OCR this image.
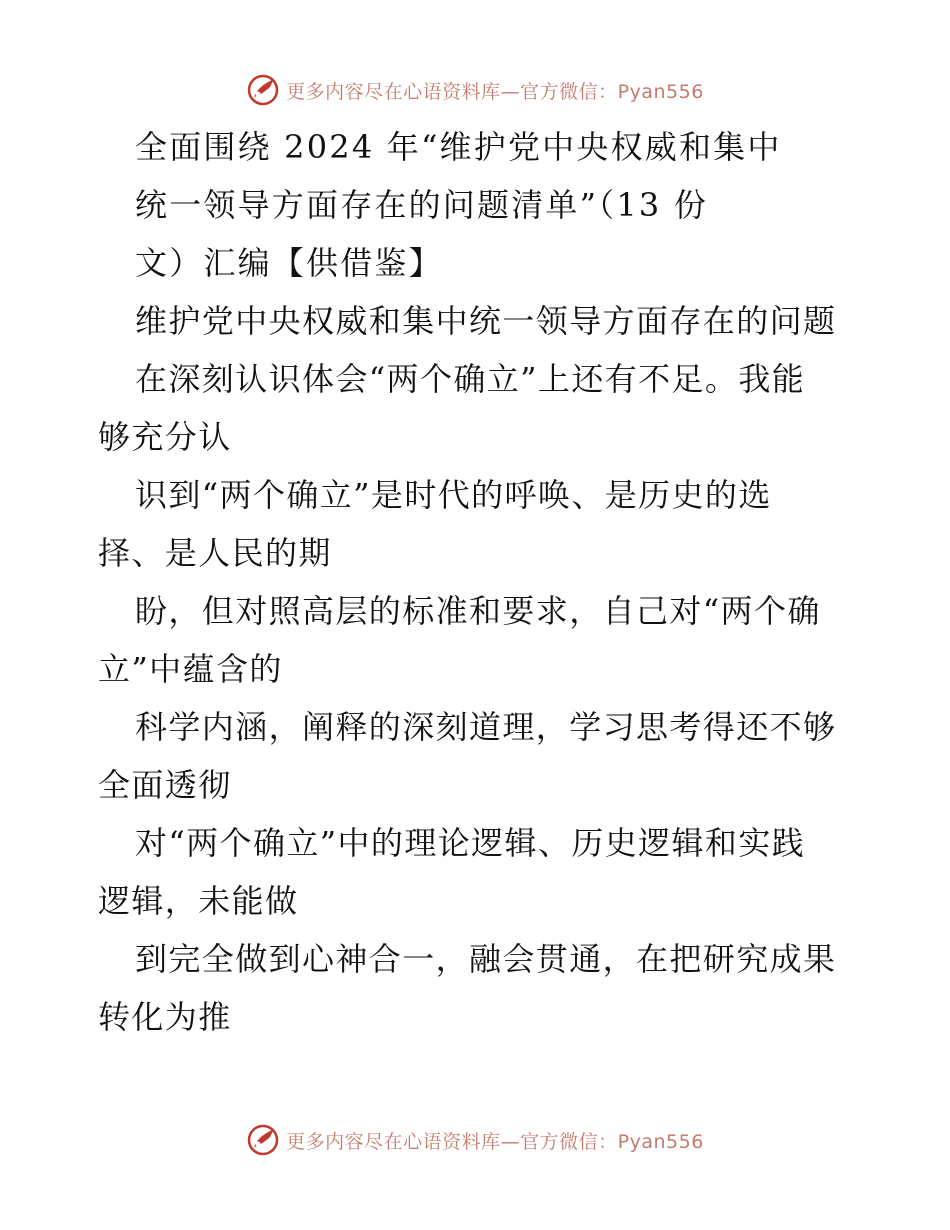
更多内容尽在心语资料库—官方微信：Pyan556
全面围绕 2024 年“维护党中央权威和集中
统一领导方面存在的问题清单”（13 份
文）汇编【供借鉴】
维护党中央权威和集中统一领导方面存在的问题
在深刻认识体会“两个确立”上还有不足。我能
够充分认
识到“两个确立”是时代的呼唤、是历史的选
择、是人民的期
盼，但对照高层的标准和要求，自己对“两个确
立”中蕴含的
科学内涵，阐释的深刻道理，学习思考得还不够
全面透彻
对“两个确立”中的理论逻辑、历史逻辑和实践
逻辑，未能做
到完全做到心神合一，融会贯通，在把研究成果
转化为推
更多内容尽在心语资料库—官方微信：Pyan556
